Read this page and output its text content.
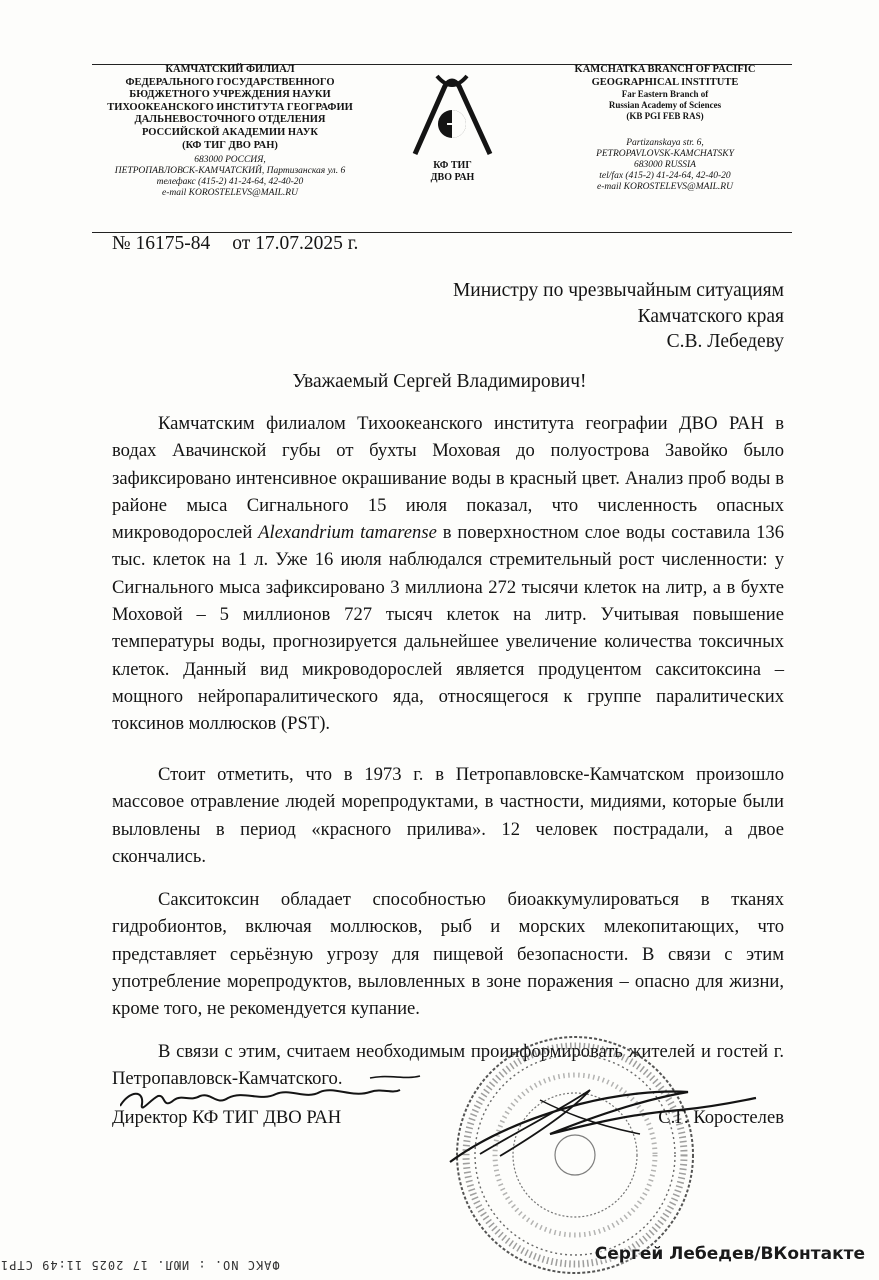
КАМЧАТСКИЙ ФИЛИАЛ
ФЕДЕРАЛЬНОГО ГОСУДАРСТВЕННОГО
БЮДЖЕТНОГО УЧРЕЖДЕНИЯ НАУКИ
ТИХООКЕАНСКОГО ИНСТИТУТА ГЕОГРАФИИ
ДАЛЬНЕВОСТОЧНОГО ОТДЕЛЕНИЯ
РОССИЙСКОЙ АКАДЕМИИ НАУК
(КФ ТИГ ДВО РАН)
683000 РОССИЯ,
ПЕТРОПАВЛОВСК-КАМЧАТСКИЙ, Партизанская ул. 6
телефакс (415-2) 41-24-64, 42-40-20
e-mail KOROSTELEVS@MAIL.RU
КФ ТИГ
ДВО РАН
KAMCHATKA BRANCH OF PACIFIC
GEOGRAPHICAL INSTITUTE
Far Eastern Branch of
Russian Academy of Sciences
(KB PGI FEB RAS)
Partizanskaya str. 6,
PETROPAVLOVSK-KAMCHATSKY
683000 RUSSIA
tel/fax (415-2) 41-24-64, 42-40-20
e-mail KOROSTELEVS@MAIL.RU
№ 16175-84 от 17.07.2025 г.
Министру по чрезвычайным ситуациям
Камчатского края
С.В. Лебедеву
Уважаемый Сергей Владимирович!

Камчатским филиалом Тихоокеанского института географии ДВО РАН в водах Авачинской губы от бухты Моховая до полуострова Завойко было зафиксировано интенсивное окрашивание воды в красный цвет. Анализ проб воды в районе мыса Сигнального 15 июля показал, что численность опасных микроводорослей Alexandrium tamarense в поверхностном слое воды составила 136 тыс. клеток на 1 л. Уже 16 июля наблюдался стремительный рост численности: у Сигнального мыса зафиксировано 3 миллиона 272 тысячи клеток на литр, а в бухте Моховой – 5 миллионов 727 тысяч клеток на литр. Учитывая повышение температуры воды, прогнозируется дальнейшее увеличение количества токсичных клеток. Данный вид микроводорослей является продуцентом сакситоксина – мощного нейропаралитического яда, относящегося к группе паралитических токсинов моллюсков (PST).

Стоит отметить, что в 1973 г. в Петропавловске-Камчатском произошло массовое отравление людей морепродуктами, в частности, мидиями, которые были выловлены в период «красного прилива». 12 человек пострадали, а двое скончались.

Сакситоксин обладает способностью биоаккумулироваться в тканях гидробионтов, включая моллюсков, рыб и морских млекопитающих, что представляет серьёзную угрозу для пищевой безопасности. В связи с этим употребление морепродуктов, выловленных в зоне поражения – опасно для жизни, кроме того, не рекомендуется купание.

В связи с этим, считаем необходимым проинформировать жителей и гостей г. Петропавловск-Камчатского.

Директор КФ ТИГ ДВО РАН	С.Г. Коростелев
ФАКС NO. : ИЮЛ. 17 2025 11:49 СТР1
Сергей Лебедев/ВКонтакте
